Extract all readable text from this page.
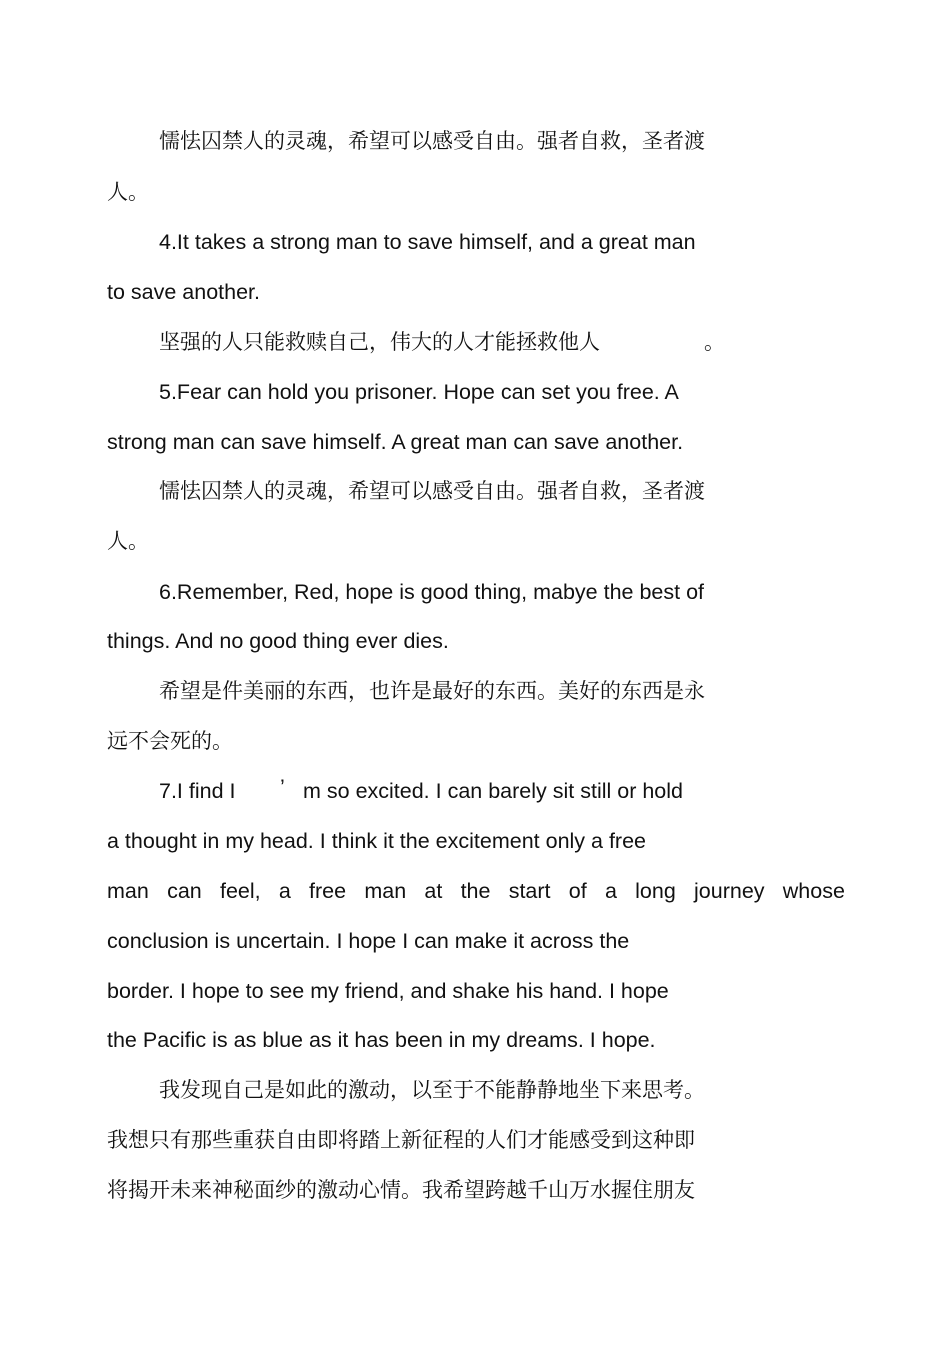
懦怯囚禁人的灵魂，希望可以感受自由。强者自救，圣者渡
人。
4.It takes a strong man to save himself, and a great man
to save another.
坚强的人只能救赎自己，伟大的人才能拯救他人	。
5.Fear can hold you prisoner. Hope can set you free. A
strong man can save himself. A great man can save another.
懦怯囚禁人的灵魂，希望可以感受自由。强者自救，圣者渡
人。
6.Remember, Red, hope is good thing, mabye the best of
things. And no good thing ever dies.
希望是件美丽的东西，也许是最好的东西。美好的东西是永
远不会死的。
7.I find I ’ m so excited. I can barely sit still or hold
a thought in my head. I think it the excitement only a free
man can feel, a free man at the start of a long journey whose
conclusion is uncertain. I hope I can make it across the
border. I hope to see my friend, and shake his hand. I hope
the Pacific is as blue as it has been in my dreams. I hope.
我发现自己是如此的激动，以至于不能静静地坐下来思考。
我想只有那些重获自由即将踏上新征程的人们才能感受到这种即
将揭开未来神秘面纱的激动心情。我希望跨越千山万水握住朋友
